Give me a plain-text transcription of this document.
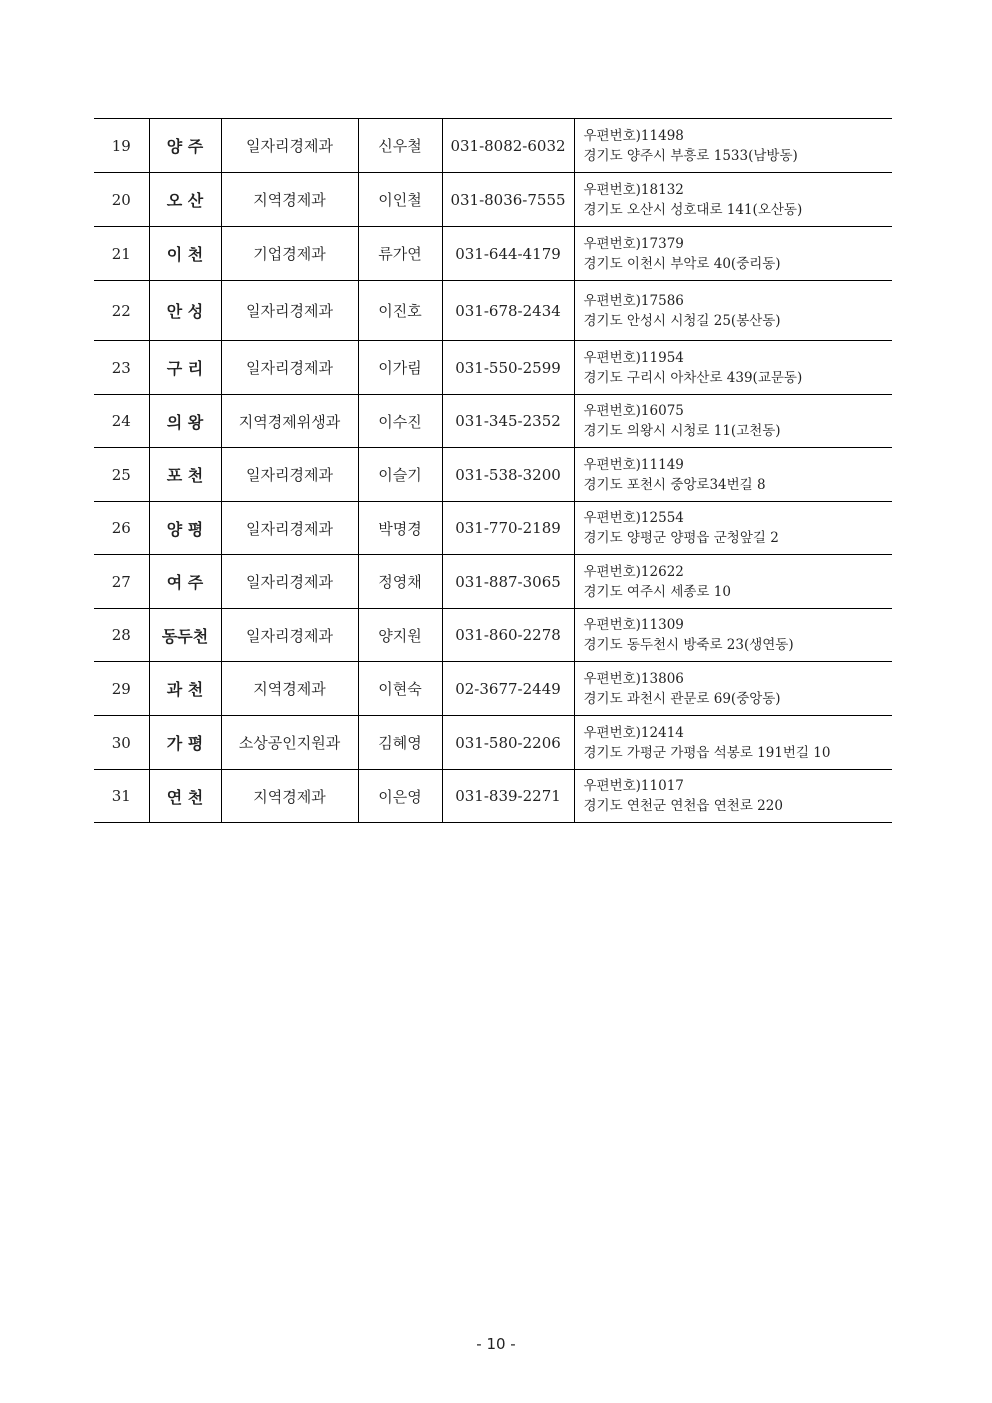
19	양 주	일자리경제과	신우철	031-8082-6032	우편번호)11498
경기도 양주시 부흥로 1533(남방동)

20	오 산	지역경제과	이인철	031-8036-7555	우편번호)18132
경기도 오산시 성호대로 141(오산동)

21	이 천	기업경제과	류가연	031-644-4179	우편번호)17379
경기도 이천시 부악로 40(중리동)

22	안 성	일자리경제과	이진호	031-678-2434	우편번호)17586
경기도 안성시 시청길 25(봉산동)

23	구 리	일자리경제과	이가림	031-550-2599	우편번호)11954
경기도 구리시 아차산로 439(교문동)

24	의 왕	지역경제위생과	이수진	031-345-2352	우편번호)16075
경기도 의왕시 시청로 11(고천동)

25	포 천	일자리경제과	이슬기	031-538-3200	우편번호)11149
경기도 포천시 중앙로34번길 8

26	양 평	일자리경제과	박명경	031-770-2189	우편번호)12554
경기도 양평군 양평읍 군청앞길 2

27	여 주	일자리경제과	정영채	031-887-3065	우편번호)12622
경기도 여주시 세종로 10

28	동두천	일자리경제과	양지원	031-860-2278	우편번호)11309
경기도 동두천시 방죽로 23(생연동)

29	과 천	지역경제과	이현숙	02-3677-2449	우편번호)13806
경기도 과천시 관문로 69(중앙동)

30	가 평	소상공인지원과	김혜영	031-580-2206	우편번호)12414
경기도 가평군 가평읍 석봉로 191번길 10

31	연 천	지역경제과	이은영	031-839-2271	우편번호)11017
경기도 연천군 연천읍 연천로 220
- 10 -
